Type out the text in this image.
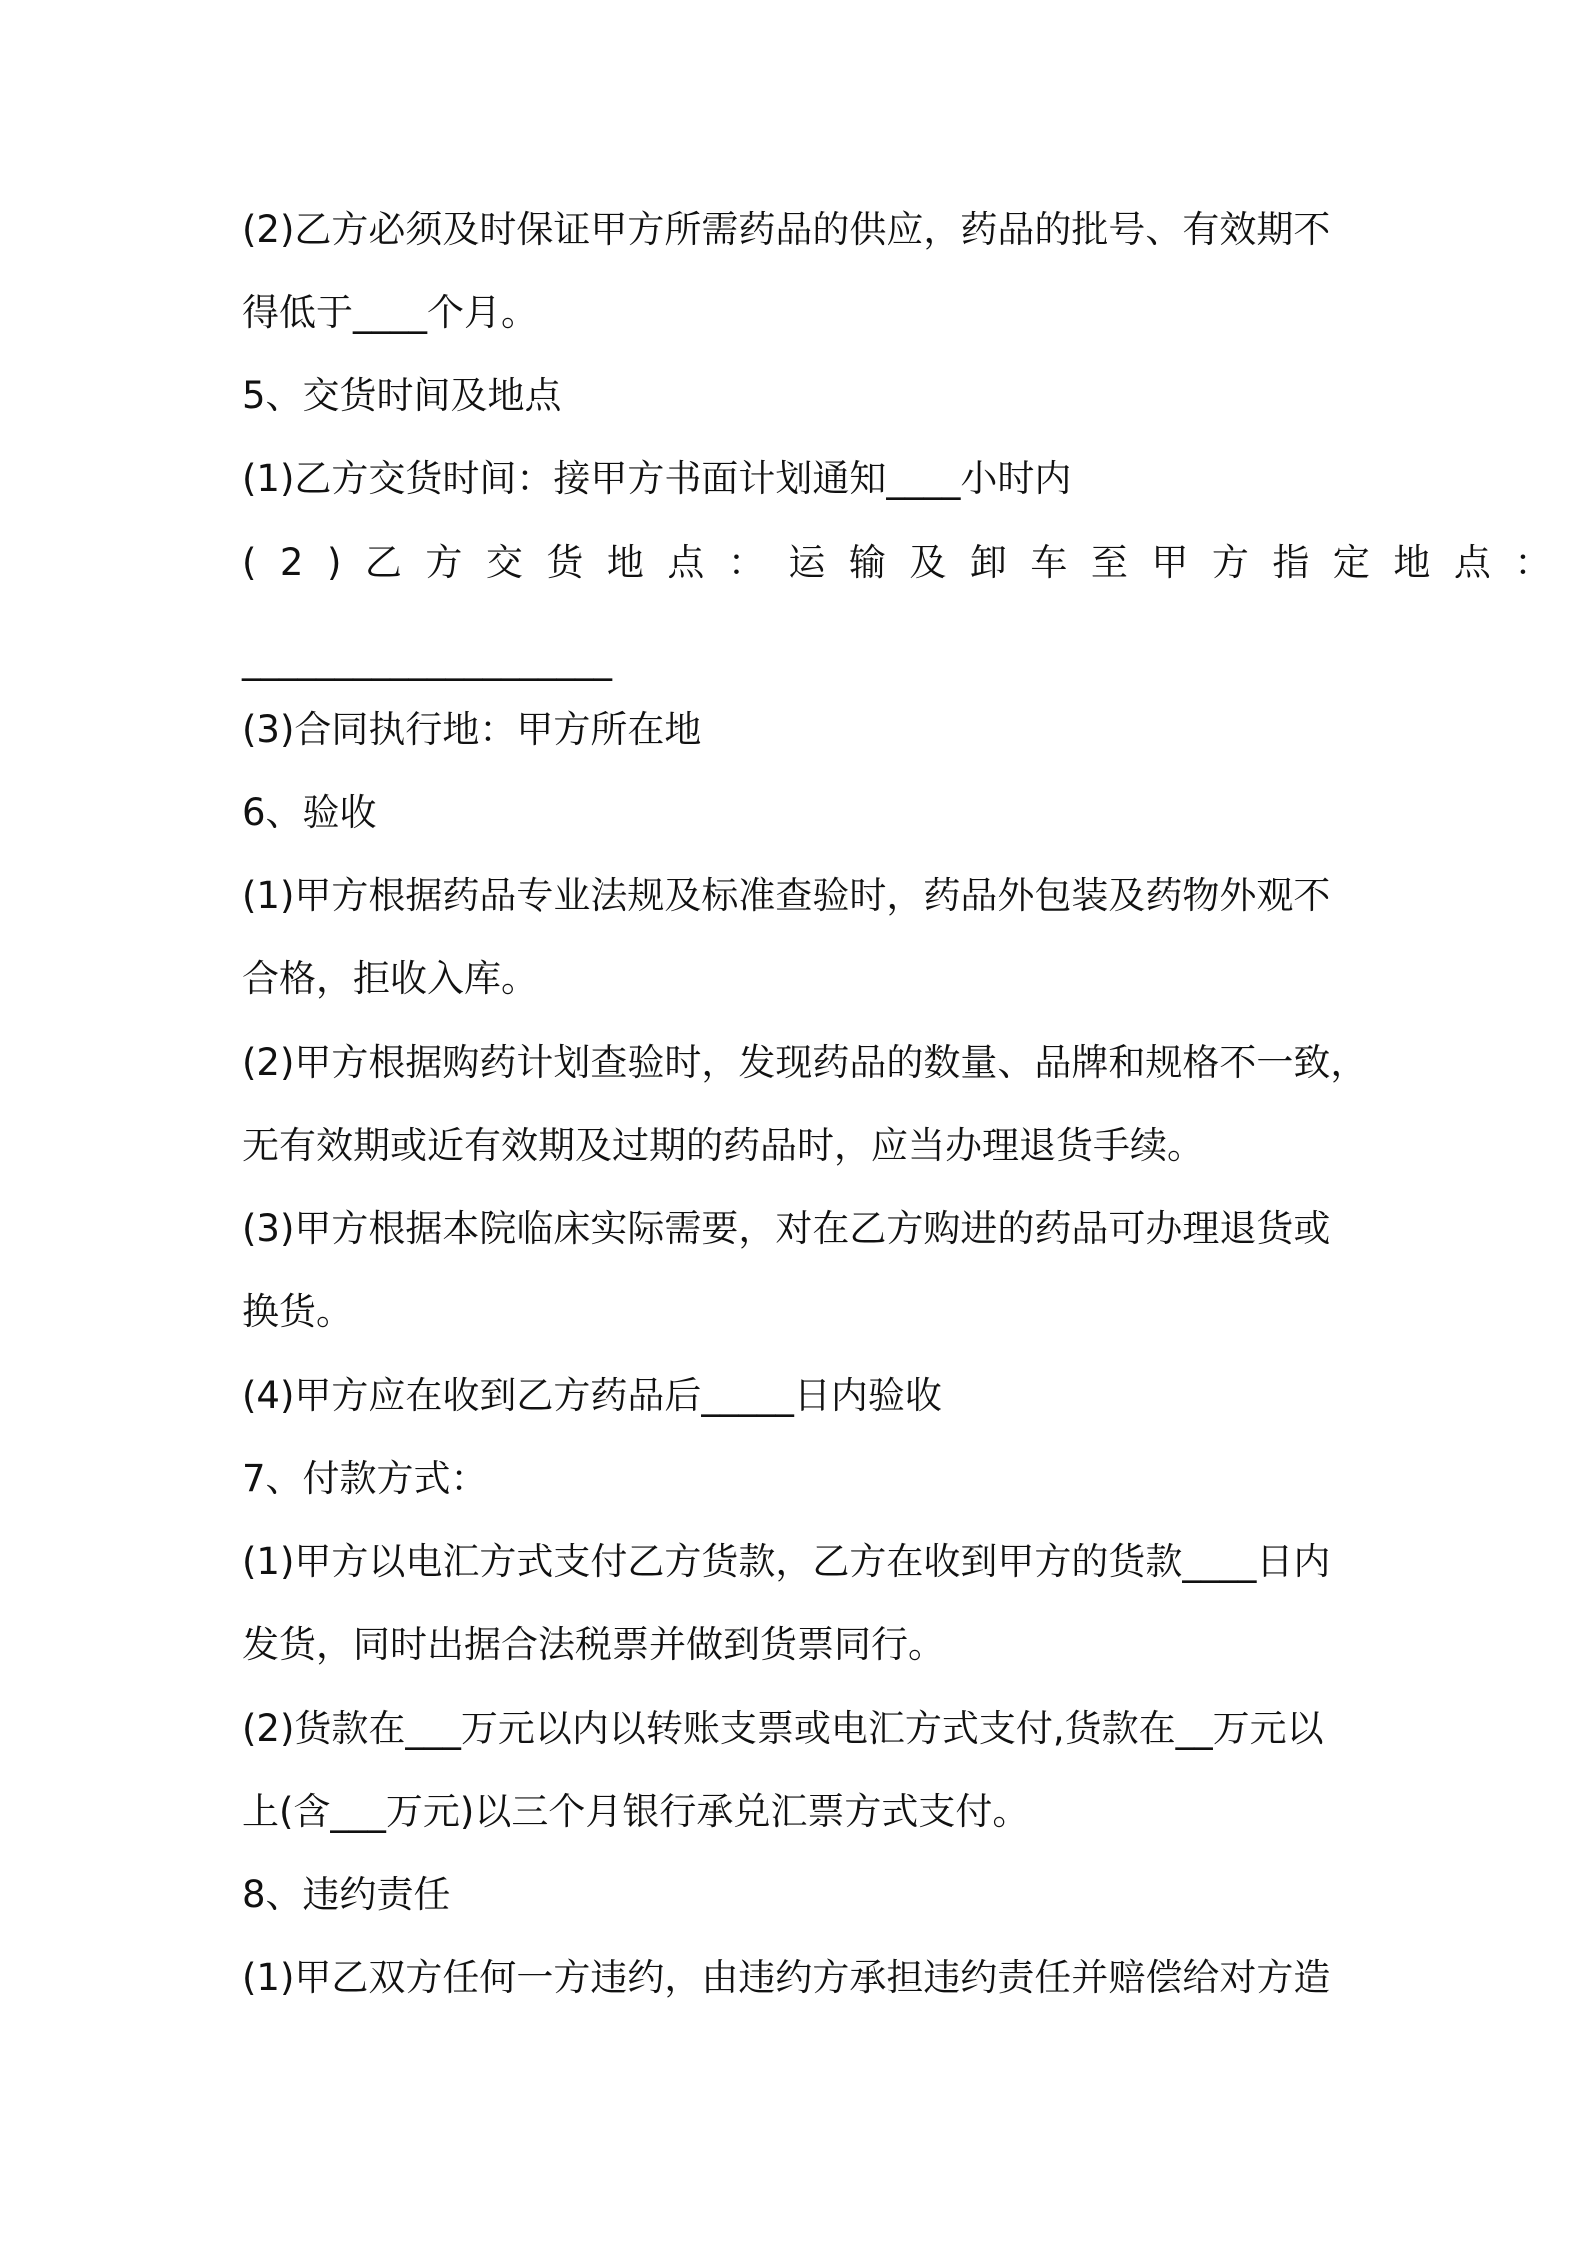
(2)乙方必须及时保证甲方所需药品的供应，药品的批号、有效期不
得低于____个月。
5、交货时间及地点
(1)乙方交货时间：接甲方书面计划通知____小时内
(2)乙方交货地点：运输及卸车至甲方指定地点：
____________________
(3)合同执行地：甲方所在地
6、验收
(1)甲方根据药品专业法规及标准查验时，药品外包装及药物外观不
合格，拒收入库。
(2)甲方根据购药计划查验时，发现药品的数量、品牌和规格不一致，
无有效期或近有效期及过期的药品时，应当办理退货手续。
(3)甲方根据本院临床实际需要，对在乙方购进的药品可办理退货或
换货。
(4)甲方应在收到乙方药品后_____日内验收
7、付款方式：
(1)甲方以电汇方式支付乙方货款，乙方在收到甲方的货款____日内
发货，同时出据合法税票并做到货票同行。
(2)货款在___万元以内以转账支票或电汇方式支付,货款在__万元以
上(含___万元)以三个月银行承兑汇票方式支付。
8、违约责任
(1)甲乙双方任何一方违约，由违约方承担违约责任并赔偿给对方造
